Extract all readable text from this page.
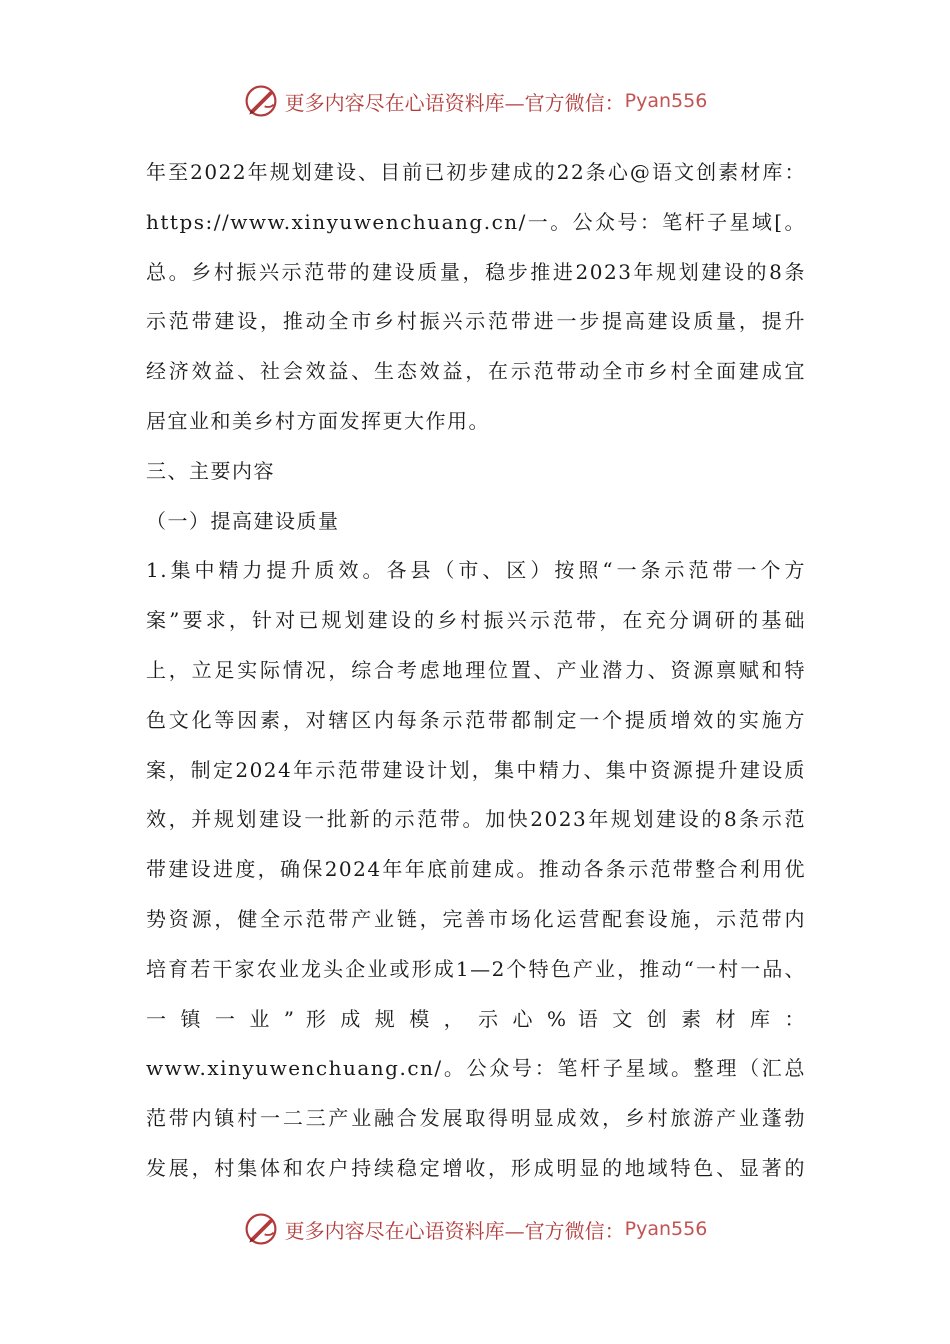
更多内容尽在心语资料库—官方微信： Pyan556
年至2022年规划建设、目前已初步建成的22条心@语文创素材库：
https://www.xinyuwenchuang.cn/一。公众号：笔杆子星域[。
总。乡村振兴示范带的建设质量，稳步推进2023年规划建设的8条
示范带建设，推动全市乡村振兴示范带进一步提高建设质量，提升
经济效益、社会效益、生态效益，在示范带动全市乡村全面建成宜
居宜业和美乡村方面发挥更大作用。
三、主要内容
（一）提高建设质量
1.集中精力提升质效。各县（市、区）按照“一条示范带一个方
案”要求，针对已规划建设的乡村振兴示范带，在充分调研的基础
上，立足实际情况，综合考虑地理位置、产业潜力、资源禀赋和特
色文化等因素，对辖区内每条示范带都制定一个提质增效的实施方
案，制定2024年示范带建设计划，集中精力、集中资源提升建设质
效，并规划建设一批新的示范带。加快2023年规划建设的8条示范
带建设进度，确保2024年年底前建成。推动各条示范带整合利用优
势资源，健全示范带产业链，完善市场化运营配套设施，示范带内
培育若干家农业龙头企业或形成1—2个特色产业，推动“一村一品、
一 镇 一 业 ” 形 成 规 模 ， 示 心 % 语 文 创 素 材 库 ：
www.xinyuwenchuang.cn/。公众号：笔杆子星域。整理（汇总
范带内镇村一二三产业融合发展取得明显成效，乡村旅游产业蓬勃
发展，村集体和农户持续稳定增收，形成明显的地域特色、显著的
更多内容尽在心语资料库—官方微信： Pyan556
